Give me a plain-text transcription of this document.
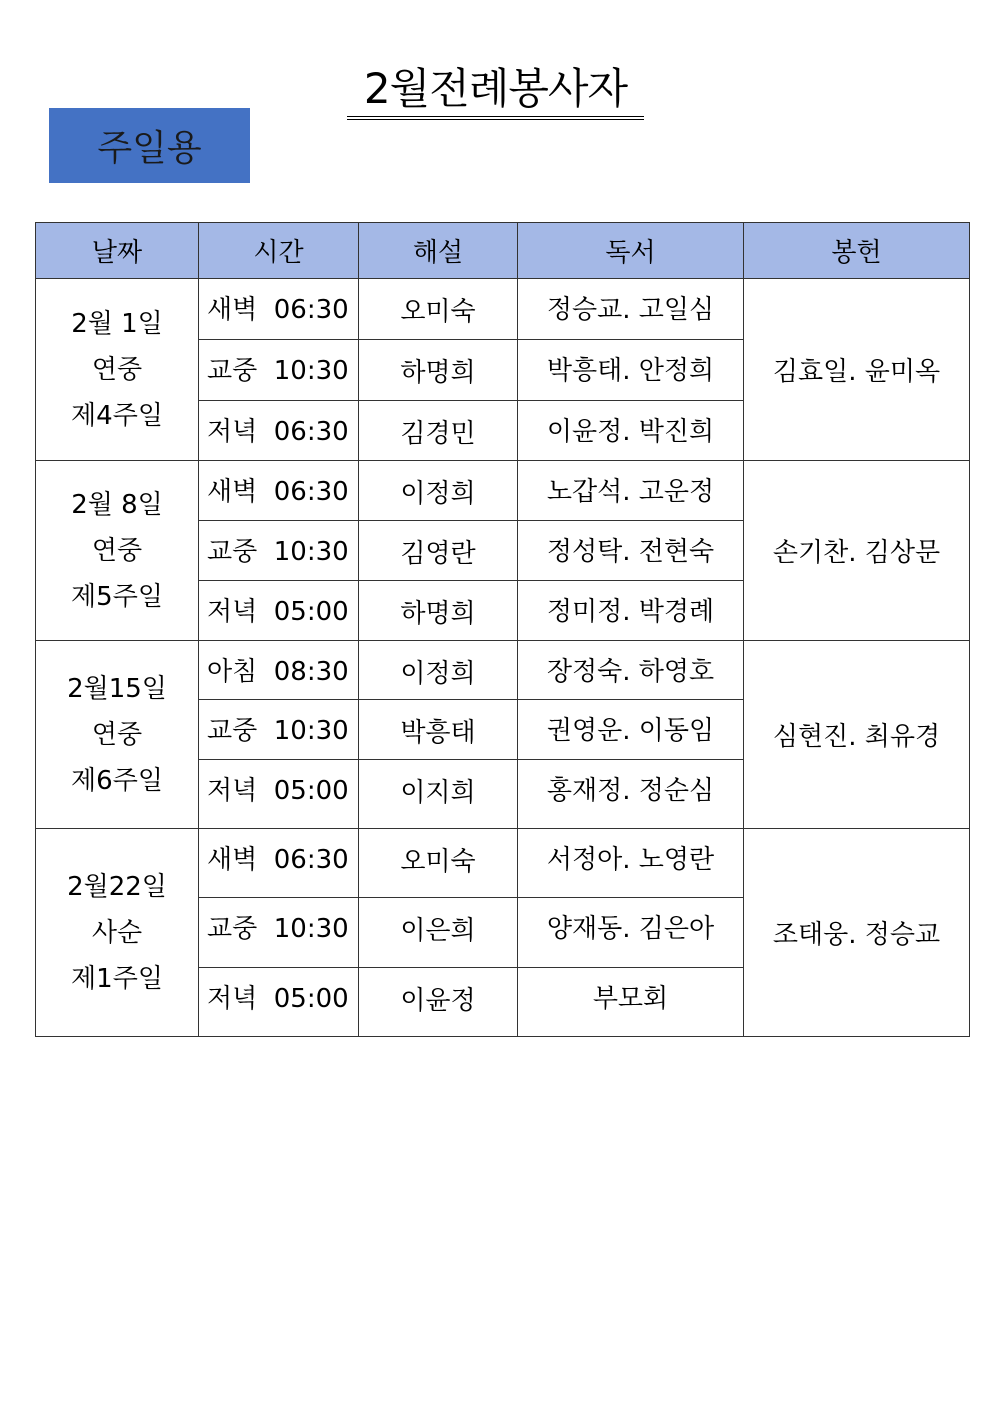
2월전례봉사자
주일용
날짜	시간	해설	독서	봉헌

2월 1일
연중
제4주일	새벽  06:30	오미숙	정승교. 고일심	김효일. 윤미옥
	교중  10:30	하명희	박흥태. 안정희	
	저녁  06:30	김경민	이윤정. 박진희	

2월 8일
연중
제5주일	새벽  06:30	이정희	노갑석. 고운정	손기찬. 김상문
	교중  10:30	김영란	정성탁. 전현숙	
	저녁  05:00	하명희	정미정. 박경례	

2월15일
연중
제6주일	아침  08:30	이정희	장정숙. 하영호	심현진. 최유경
	교중  10:30	박흥태	권영운. 이동임	
	저녁  05:00	이지희	홍재정. 정순심	

2월22일
사순
제1주일	새벽  06:30	오미숙	서정아. 노영란	조태웅. 정승교
	교중  10:30	이은희	양재동. 김은아	
	저녁  05:00	이윤정	부모회	
